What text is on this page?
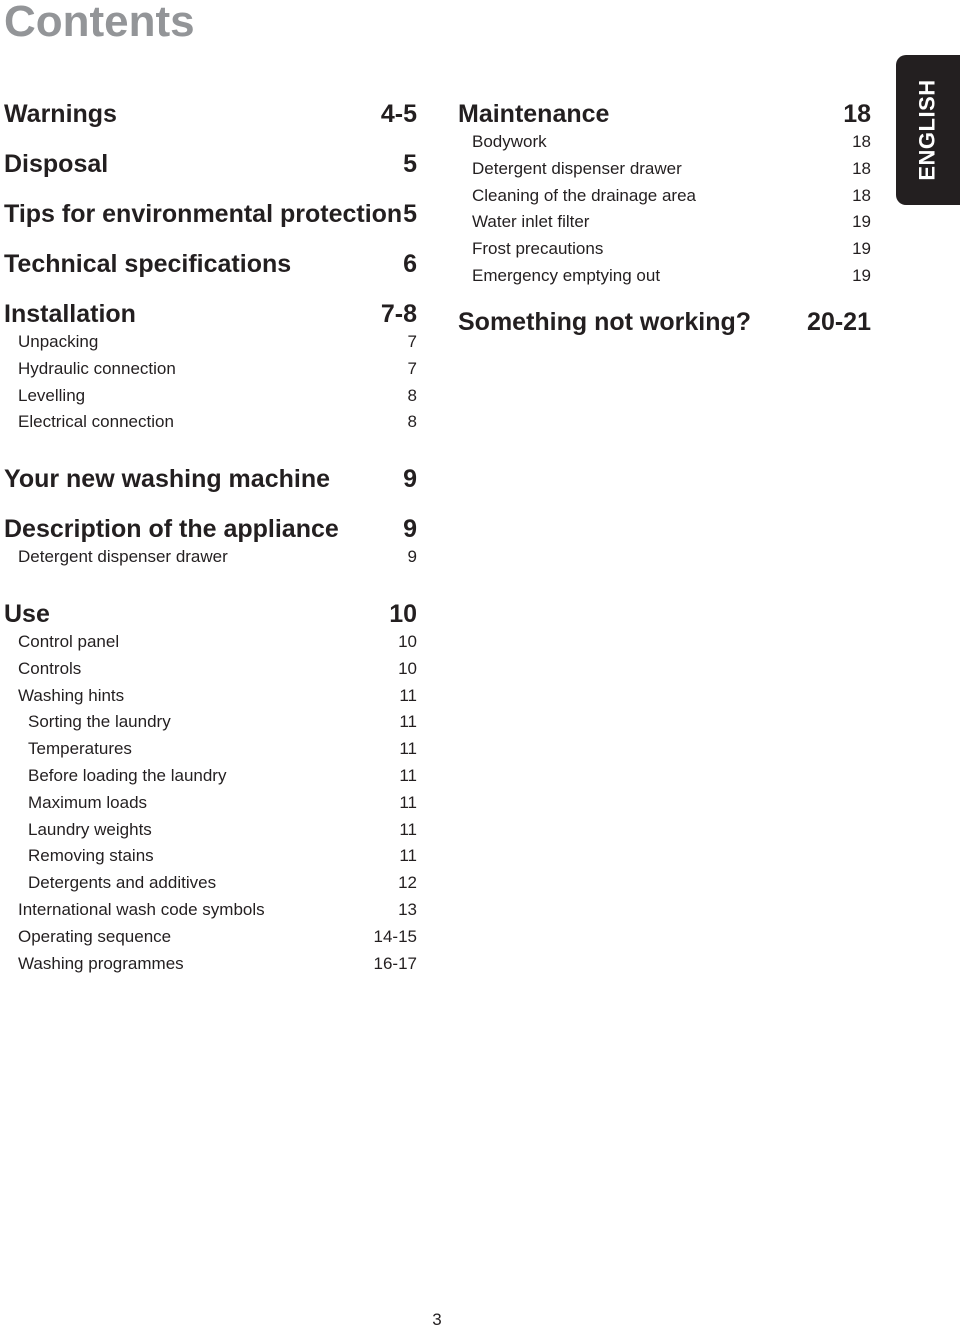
Contents
Warnings	4-5
Disposal	5
Tips for environmental protection 5
Technical specifications	6
Installation	7-8
Unpacking	7
Hydraulic connection	7
Levelling	8
Electrical connection	8
Your new washing machine	9
Description of the appliance	9
Detergent dispenser drawer	9
Use	10
Control panel	10
Controls	10
Washing hints	11
Sorting the laundry	11
Temperatures	11
Before loading the laundry	11
Maximum loads	11
Laundry weights	11
Removing stains	11
Detergents and additives	12
International wash code symbols	13
Operating sequence	14-15
Washing programmes	16-17
Maintenance	18
Bodywork	18
Detergent dispenser drawer	18
Cleaning of the drainage area	18
Water inlet filter	19
Frost precautions	19
Emergency emptying out	19
Something not working? 20-21
ENGLISH
3
